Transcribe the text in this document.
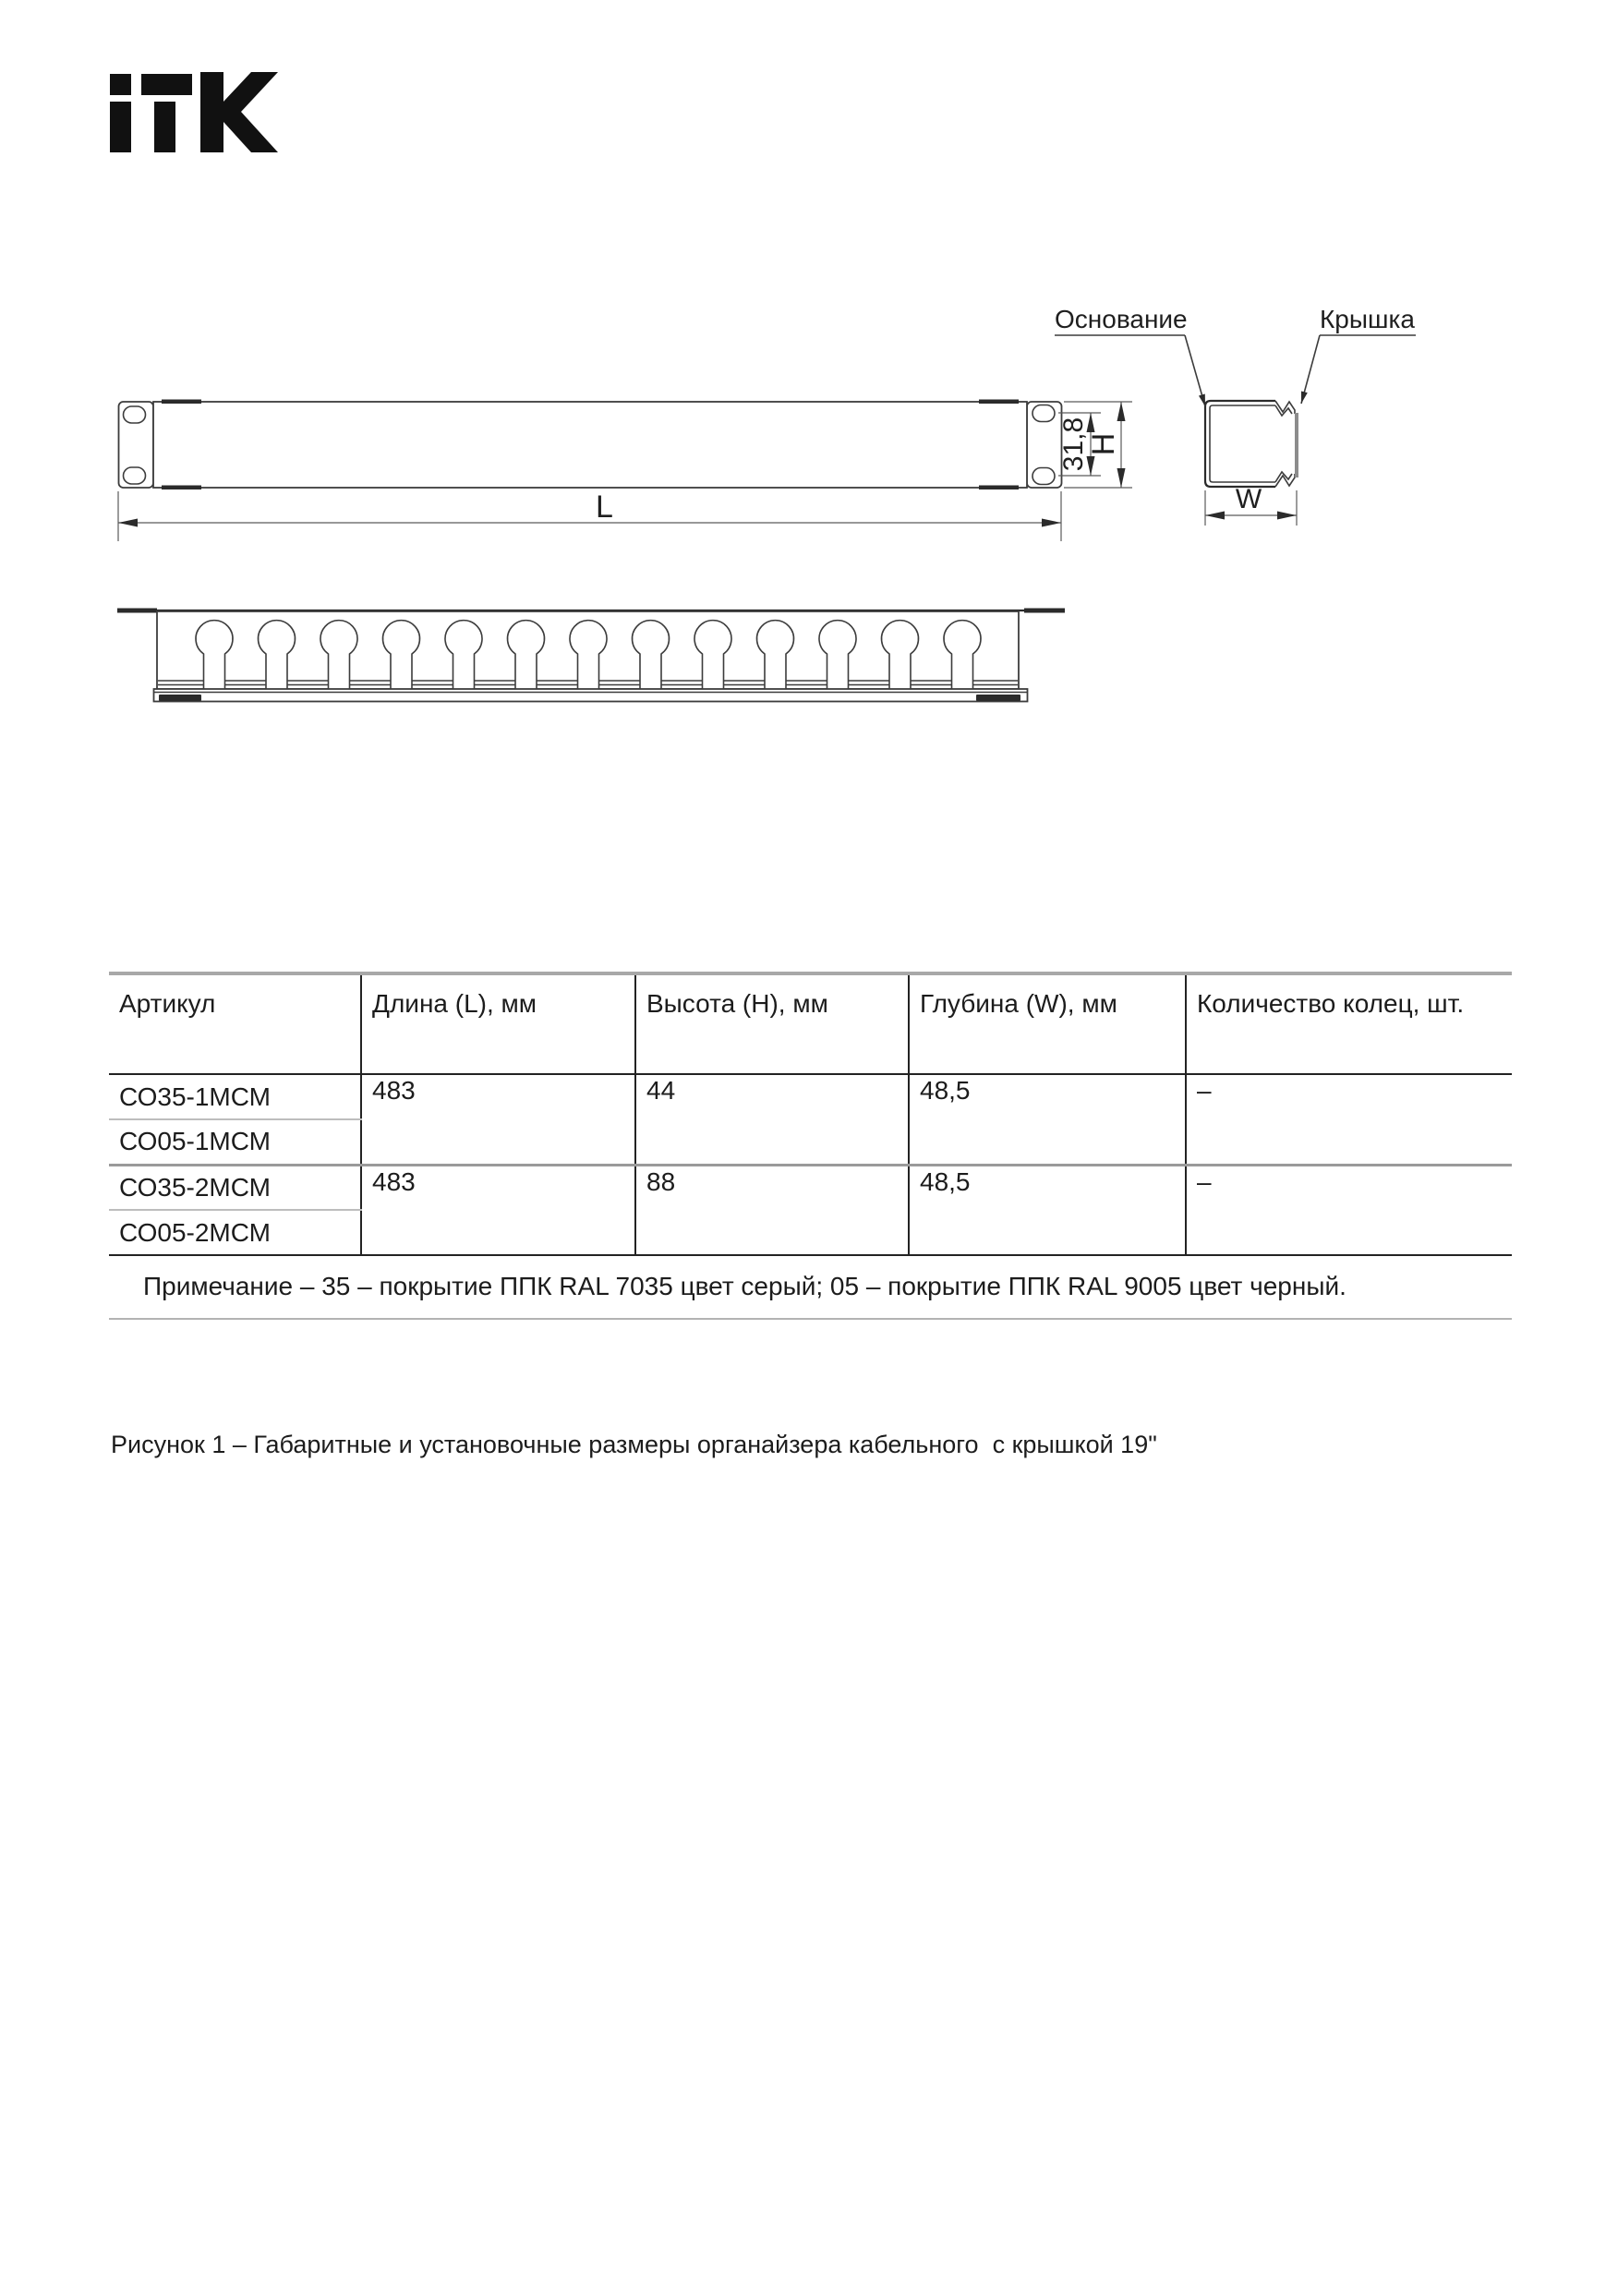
L
31,8
H
W
Основание	Крышка
Артикул	Длина (L), мм	Высота (H), мм	Глубина (W), мм	Количество колец, шт.
СО35-1МСМ	483	44	48,5	–
СО05-1МСМ				
СО35-2МСМ	483	88	48,5	–
СО05-2МСМ				
Примечание – 35 – покрытие ППК RAL 7035 цвет серый; 05 – покрытие ППК RAL 9005 цвет черный.				
Рисунок 1 – Габаритные и установочные размеры органайзера кабельного  с крышкой 19"
